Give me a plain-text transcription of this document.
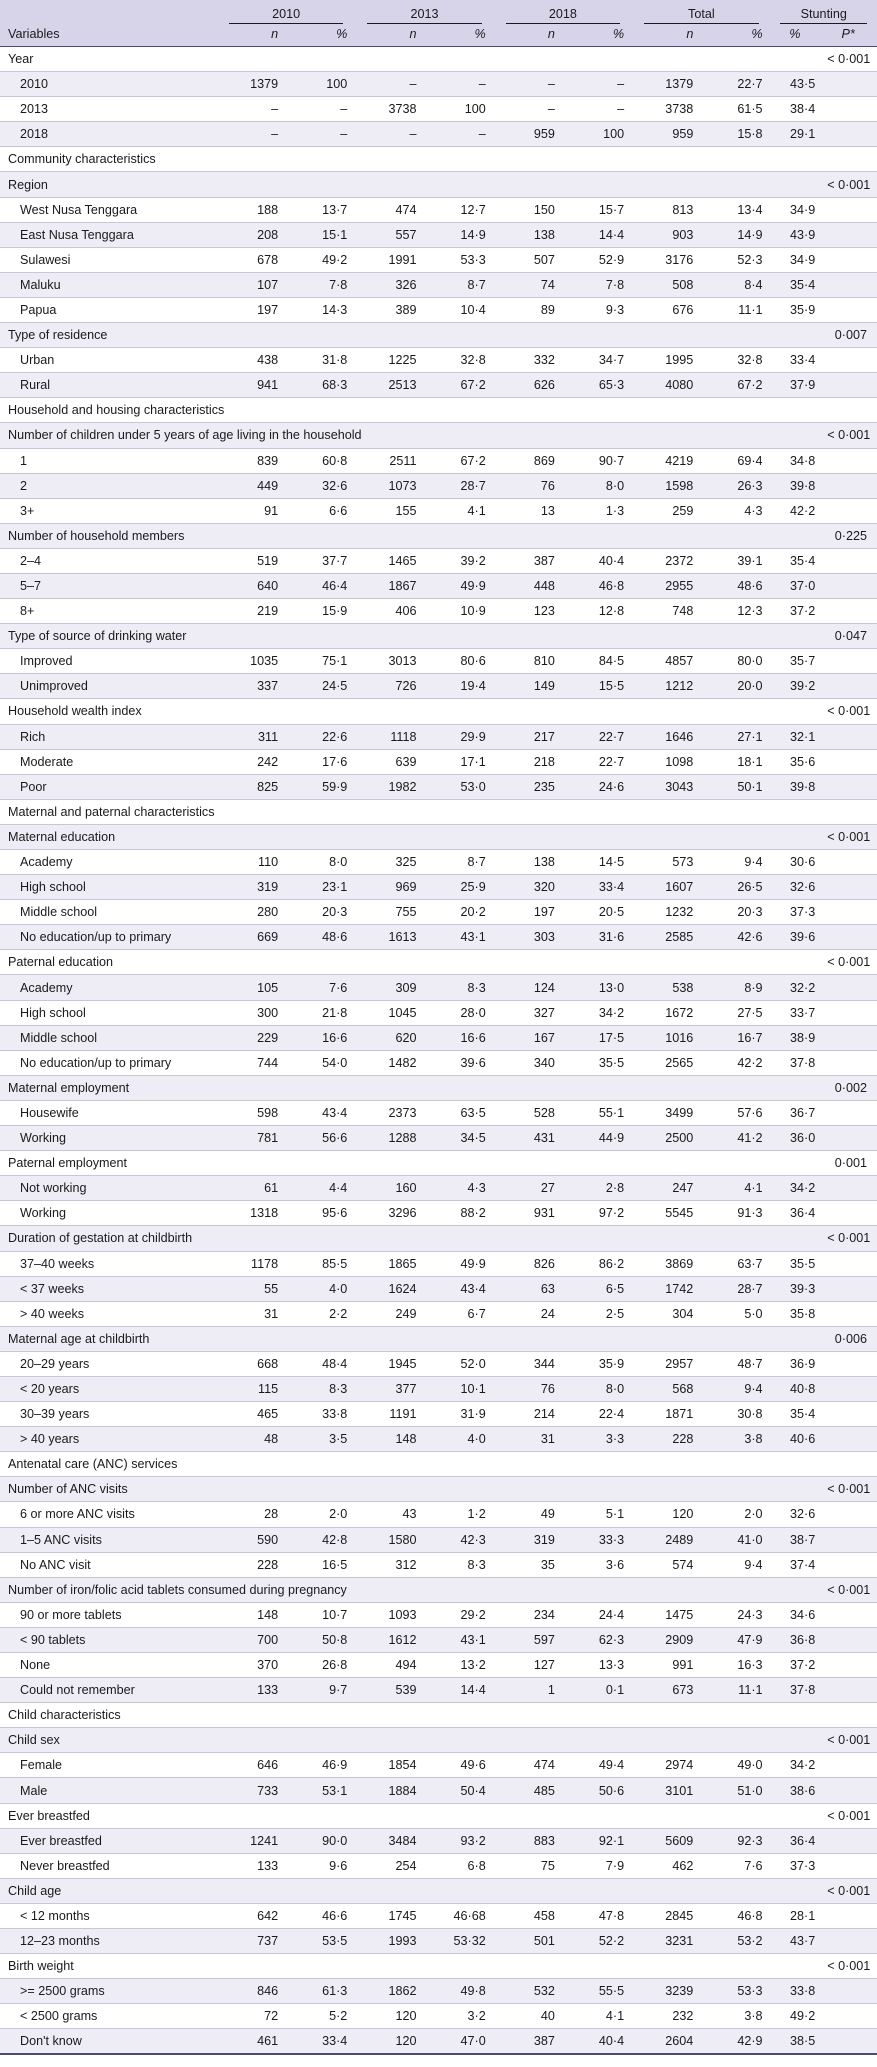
	2010		2013		2018		Total		Stunting	
Variables	n	%	n	%	n	%	n	%	%	P*
Year										< 0·001
2010	1379	100	–	–	–	–	1379	22·7	43·5	
2013	–	–	3738	100	–	–	3738	61·5	38·4	
2018	–	–	–	–	959	100	959	15·8	29·1	
Community characteristics										
Region										< 0·001
West Nusa Tenggara	188	13·7	474	12·7	150	15·7	813	13·4	34·9	
East Nusa Tenggara	208	15·1	557	14·9	138	14·4	903	14·9	43·9	
Sulawesi	678	49·2	1991	53·3	507	52·9	3176	52·3	34·9	
Maluku	107	7·8	326	8·7	74	7·8	508	8·4	35·4	
Papua	197	14·3	389	10·4	89	9·3	676	11·1	35·9	
Type of residence										0·007
Urban	438	31·8	1225	32·8	332	34·7	1995	32·8	33·4	
Rural	941	68·3	2513	67·2	626	65·3	4080	67·2	37·9	
Household and housing characteristics										
Number of children under 5 years of age living in the household										< 0·001
1	839	60·8	2511	67·2	869	90·7	4219	69·4	34·8	
2	449	32·6	1073	28·7	76	8·0	1598	26·3	39·8	
3+	91	6·6	155	4·1	13	1·3	259	4·3	42·2	
Number of household members										0·225
2–4	519	37·7	1465	39·2	387	40·4	2372	39·1	35·4	
5–7	640	46·4	1867	49·9	448	46·8	2955	48·6	37·0	
8+	219	15·9	406	10·9	123	12·8	748	12·3	37·2	
Type of source of drinking water										0·047
Improved	1035	75·1	3013	80·6	810	84·5	4857	80·0	35·7	
Unimproved	337	24·5	726	19·4	149	15·5	1212	20·0	39·2	
Household wealth index										< 0·001
Rich	311	22·6	1118	29·9	217	22·7	1646	27·1	32·1	
Moderate	242	17·6	639	17·1	218	22·7	1098	18·1	35·6	
Poor	825	59·9	1982	53·0	235	24·6	3043	50·1	39·8	
Maternal and paternal characteristics										
Maternal education										< 0·001
Academy	110	8·0	325	8·7	138	14·5	573	9·4	30·6	
High school	319	23·1	969	25·9	320	33·4	1607	26·5	32·6	
Middle school	280	20·3	755	20·2	197	20·5	1232	20·3	37·3	
No education/up to primary	669	48·6	1613	43·1	303	31·6	2585	42·6	39·6	
Paternal education										< 0·001
Academy	105	7·6	309	8·3	124	13·0	538	8·9	32·2	
High school	300	21·8	1045	28·0	327	34·2	1672	27·5	33·7	
Middle school	229	16·6	620	16·6	167	17·5	1016	16·7	38·9	
No education/up to primary	744	54·0	1482	39·6	340	35·5	2565	42·2	37·8	
Maternal employment										0·002
Housewife	598	43·4	2373	63·5	528	55·1	3499	57·6	36·7	
Working	781	56·6	1288	34·5	431	44·9	2500	41·2	36·0	
Paternal employment										0·001
Not working	61	4·4	160	4·3	27	2·8	247	4·1	34·2	
Working	1318	95·6	3296	88·2	931	97·2	5545	91·3	36·4	
Duration of gestation at childbirth										< 0·001
37–40 weeks	1178	85·5	1865	49·9	826	86·2	3869	63·7	35·5	
< 37 weeks	55	4·0	1624	43·4	63	6·5	1742	28·7	39·3	
> 40 weeks	31	2·2	249	6·7	24	2·5	304	5·0	35·8	
Maternal age at childbirth										0·006
20–29 years	668	48·4	1945	52·0	344	35·9	2957	48·7	36·9	
< 20 years	115	8·3	377	10·1	76	8·0	568	9·4	40·8	
30–39 years	465	33·8	1191	31·9	214	22·4	1871	30·8	35·4	
> 40 years	48	3·5	148	4·0	31	3·3	228	3·8	40·6	
Antenatal care (ANC) services										
Number of ANC visits										< 0·001
6 or more ANC visits	28	2·0	43	1·2	49	5·1	120	2·0	32·6	
1–5 ANC visits	590	42·8	1580	42·3	319	33·3	2489	41·0	38·7	
No ANC visit	228	16·5	312	8·3	35	3·6	574	9·4	37·4	
Number of iron/folic acid tablets consumed during pregnancy										< 0·001
90 or more tablets	148	10·7	1093	29·2	234	24·4	1475	24·3	34·6	
< 90 tablets	700	50·8	1612	43·1	597	62·3	2909	47·9	36·8	
None	370	26·8	494	13·2	127	13·3	991	16·3	37·2	
Could not remember	133	9·7	539	14·4	1	0·1	673	11·1	37·8	
Child characteristics										
Child sex										< 0·001
Female	646	46·9	1854	49·6	474	49·4	2974	49·0	34·2	
Male	733	53·1	1884	50·4	485	50·6	3101	51·0	38·6	
Ever breastfed										< 0·001
Ever breastfed	1241	90·0	3484	93·2	883	92·1	5609	92·3	36·4	
Never breastfed	133	9·6	254	6·8	75	7·9	462	7·6	37·3	
Child age										< 0·001
< 12 months	642	46·6	1745	46·68	458	47·8	2845	46·8	28·1	
12–23 months	737	53·5	1993	53·32	501	52·2	3231	53·2	43·7	
Birth weight										< 0·001
>= 2500 grams	846	61·3	1862	49·8	532	55·5	3239	53·3	33·8	
< 2500 grams	72	5·2	120	3·2	40	4·1	232	3·8	49·2	
Don't know	461	33·4	120	47·0	387	40·4	2604	42·9	38·5	
